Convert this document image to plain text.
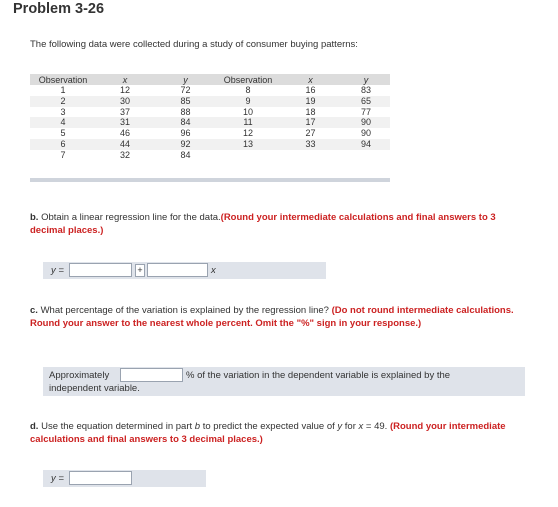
Problem 3-26
The following data were collected during a study of consumer buying patterns:
Observation	x	y	Observation	x	y
1	12	72	8	16	83
2	30	85	9	19	65
3	37	88	10	18	77
4	31	84	11	17	90
5	46	96	12	27	90
6	44	92	13	33	94
7	32	84			
b. Obtain a linear regression line for the data.(Round your intermediate calculations and final answers to 3 decimal places.)
y =	+	x
c. What percentage of the variation is explained by the regression line? (Do not round intermediate calculations. Round your answer to the nearest whole percent. Omit the "%" sign in your response.)
Approximately	% of the variation in the dependent variable is explained by the
independent variable.
d. Use the equation determined in part b to predict the expected value of y for x = 49. (Round your intermediate calculations and final answers to 3 decimal places.)
y =
